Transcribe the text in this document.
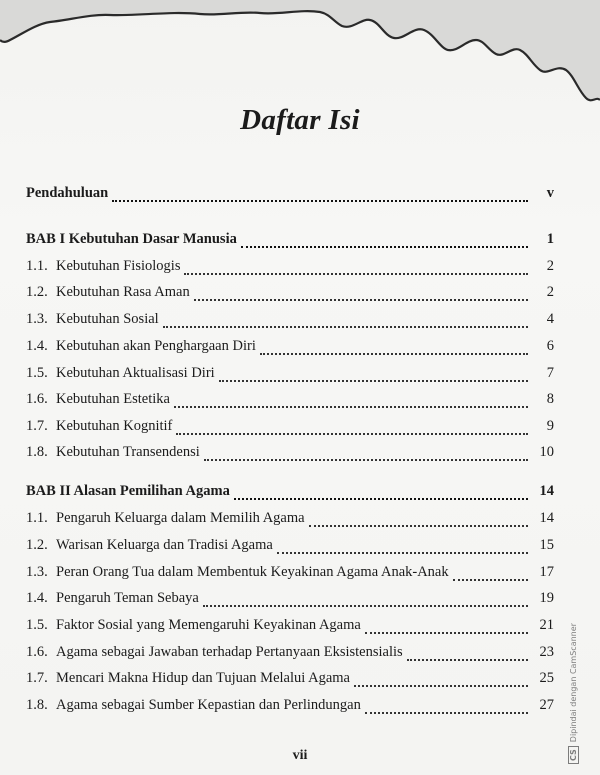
Daftar Isi
Pendahuluan	v
BAB I Kebutuhan Dasar Manusia	1
1.1. Kebutuhan Fisiologis	2
1.2. Kebutuhan Rasa Aman	2
1.3. Kebutuhan Sosial	4
1.4. Kebutuhan akan Penghargaan Diri	6
1.5. Kebutuhan Aktualisasi Diri	7
1.6. Kebutuhan Estetika	8
1.7. Kebutuhan Kognitif	9
1.8. Kebutuhan Transendensi	10
BAB II Alasan Pemilihan Agama	14
1.1. Pengaruh Keluarga dalam Memilih Agama	14
1.2. Warisan Keluarga dan Tradisi Agama	15
1.3. Peran Orang Tua dalam Membentuk Keyakinan Agama Anak-Anak	17
1.4. Pengaruh Teman Sebaya	19
1.5. Faktor Sosial yang Memengaruhi Keyakinan Agama	21
1.6. Agama sebagai Jawaban terhadap Pertanyaan Eksistensialis	23
1.7. Mencari Makna Hidup dan Tujuan Melalui Agama	25
1.8. Agama sebagai Sumber Kepastian dan Perlindungan	27
vii	CSDipindai dengan CamScanner
